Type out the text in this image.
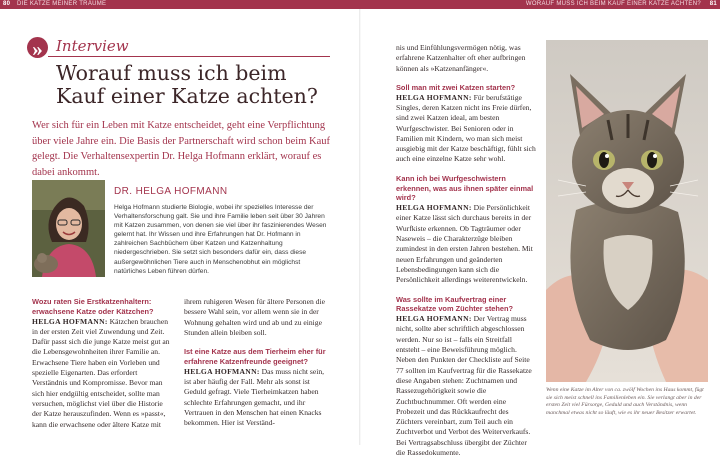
80 DIE KATZE MEINER TRÄUME	WORAUF MUSS ICH BEIM KAUF EINER KATZE ACHTEN? 81
» Interview
Worauf muss ich beim
Kauf einer Katze achten?

Wer sich für ein Leben mit Katze entscheidet, geht eine Verpflichtung über viele Jahre ein. Die Basis der Partnerschaft wird schon beim Kauf gelegt. Die Verhaltensexpertin Dr. Helga Hofmann erklärt, worauf es dabei ankommt.

DR. HELGA HOFMANN

Helga Hofmann studierte Biologie, wobei ihr spezielles Interesse der Verhaltensforschung galt. Sie und ihre Familie leben seit über 30 Jahren mit Katzen zusammen, von denen sie viel über ihr faszinierendes Wesen gelernt hat. Ihr Wissen und ihre Erfahrungen hat Dr. Hofmann in zahlreichen Sachbüchern über Katzen und Katzenhaltung niedergeschrieben. Sie setzt sich besonders dafür ein, dass diese außergewöhnlichen Tiere auch in Menschenobhut ein möglichst natürliches Leben führen dürfen.

Wozu raten Sie Erstkatzenhaltern: erwachsene Katze oder Kätzchen?

HELGA HOFMANN: Kätzchen brauchen in der ersten Zeit viel Zuwendung und Zeit. Dafür passt sich die junge Katze meist gut an die Lebensgewohnheiten ihrer Familie an. Erwachsene Tiere haben ein Vorleben und spezielle Eigenarten. Das erfordert Verständnis und Kompromisse. Bevor man sich hier endgültig entscheidet, sollte man versuchen, möglichst viel über die Historie der Katze herauszufinden. Wenn es »passt«, kann die erwachsene oder ältere Katze mit

ihrem ruhigeren Wesen für ältere Personen die bessere Wahl sein, vor allem wenn sie in der Wohnung gehalten wird und ab und zu einige Stunden allein bleiben soll.

Ist eine Katze aus dem Tierheim eher für erfahrene Katzenfreunde geeignet?

HELGA HOFMANN: Das muss nicht sein, ist aber häufig der Fall. Mehr als sonst ist Geduld gefragt. Viele Tierheimkatzen haben schlechte Erfahrungen gemacht, und ihr Vertrauen in den Menschen hat einen Knacks bekommen. Hier ist Verständ-

nis und Einfühlungsvermögen nötig, was erfahrene Katzenhalter oft eher aufbringen können als »Katzenanfänger«.

Soll man mit zwei Katzen starten?

HELGA HOFMANN: Für berufstätige Singles, deren Katzen nicht ins Freie dürfen, sind zwei Katzen ideal, am besten Wurfgeschwister. Bei Senioren oder in Familien mit Kindern, wo man sich meist ausgiebig mit der Katze beschäftigt, fühlt sich auch eine einzelne Katze sehr wohl.

Kann ich bei Wurfgeschwistern erkennen, was aus ihnen später einmal wird?

HELGA HOFMANN: Die Persönlichkeit einer Katze lässt sich durchaus bereits in der Wurfkiste erkennen. Ob Tagträumer oder Naseweis – die Charakterzüge bleiben zumindest in den ersten Jahren bestehen. Mit neuen Erfahrungen und geänderten Lebensbedingungen kann sich die Persönlichkeit allerdings weiterentwickeln.

Was sollte im Kaufvertrag einer Rassekatze vom Züchter stehen?

HELGA HOFMANN: Der Vertrag muss nicht, sollte aber schriftlich abgeschlossen werden. Nur so ist – falls ein Streitfall entsteht – eine Beweisführung möglich. Neben den Punkten der Checkliste auf Seite 77 sollten im Kaufvertrag für die Rassekatze diese Angaben stehen: Zuchtnamen und Rassezugehörigkeit sowie die Zuchtbuchnummer. Oft werden eine Probezeit und das Rückkaufrecht des Züchters vereinbart, zum Teil auch ein Zuchtverbot und Verbot des Weiterverkaufs. Bei Vertragsabschluss übergibt der Züchter die Rassedokumente.

Wenn eine Katze im Alter von ca. zwölf Wochen ins Haus kommt, fügt sie sich meist schnell ins Familienleben ein. Sie verlangt aber in der ersten Zeit viel Fürsorge, Geduld und auch Verständnis, wenn manchmal etwas nicht so läuft, wie es ihr neuer Besitzer erwartet.
